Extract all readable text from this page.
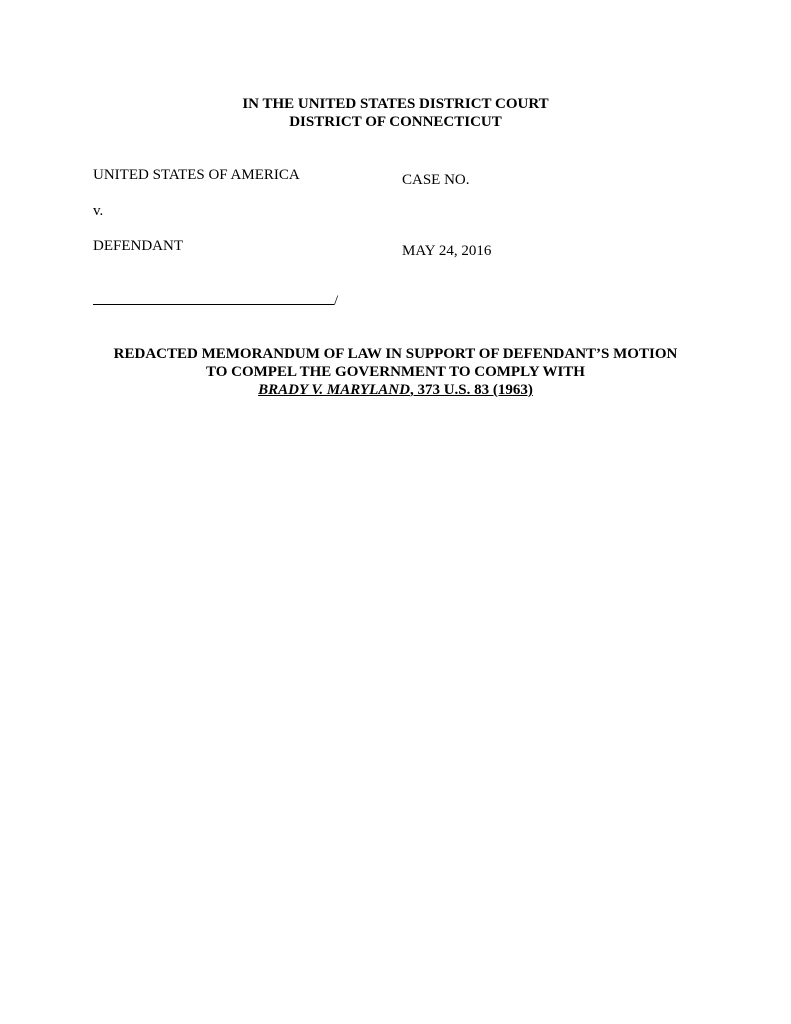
IN THE UNITED STATES DISTRICT COURT
DISTRICT OF CONNECTICUT
UNITED STATES OF AMERICA
v.
DEFENDANT
CASE NO.
MAY 24, 2016
/
REDACTED MEMORANDUM OF LAW IN SUPPORT OF DEFENDANT’S MOTION
TO COMPEL THE GOVERNMENT TO COMPLY WITH
BRADY V. MARYLAND, 373 U.S. 83 (1963)
